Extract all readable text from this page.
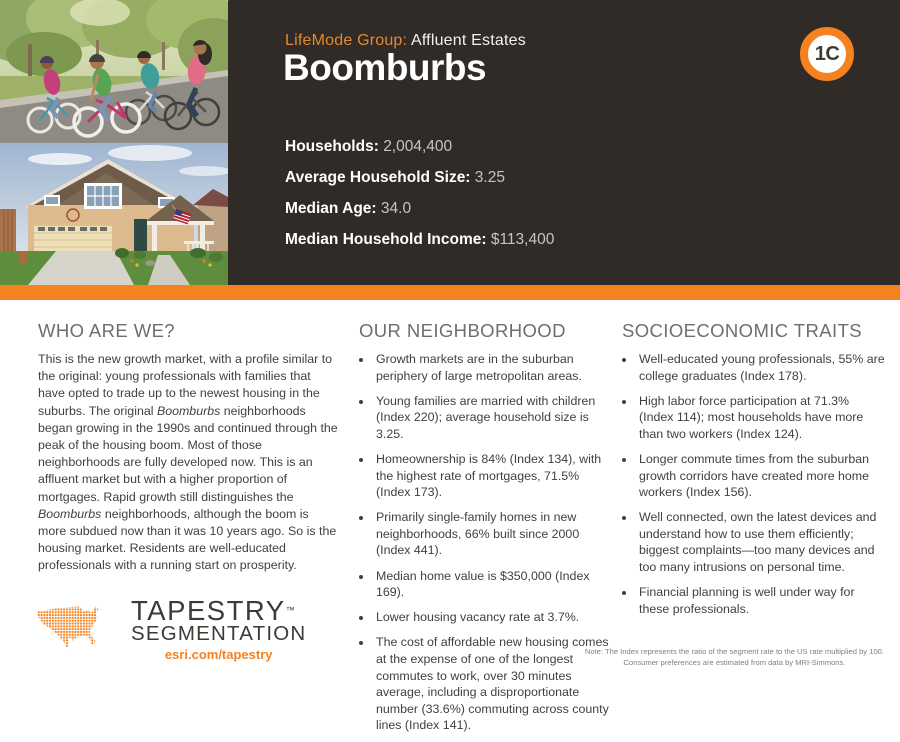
LifeMode Group: Affluent Estates
Boomburbs
Households: 2,004,400
Average Household Size: 3.25
Median Age: 34.0
Median Household Income: $113,400
1C
WHO ARE WE?

This is the new growth market, with a profile similar to the original: young professionals with families that have opted to trade up to the newest housing in the suburbs. The original Boomburbs neighborhoods began growing in the 1990s and continued through the peak of the housing boom. Most of those neighborhoods are fully developed now. This is an affluent market but with a higher proportion of mortgages. Rapid growth still distinguishes the Boomburbs neighborhoods, although the boom is more subdued now than it was 10 years ago. So is the housing market. Residents are well-educated professionals with a running start on prosperity.

OUR NEIGHBORHOOD
• Growth markets are in the suburban periphery of large metropolitan areas.
• Young families are married with children (Index 220); average household size is 3.25.
• Homeownership is 84% (Index 134), with the highest rate of mortgages, 71.5% (Index 173).
• Primarily single-family homes in new neighborhoods, 66% built since 2000 (Index 441).
• Median home value is $350,000 (Index 169).
• Lower housing vacancy rate at 3.7%.
• The cost of affordable new housing comes at the expense of one of the longest commutes to work, over 30 minutes average, including a disproportionate number (33.6%) commuting across county lines (Index 141).
SOCIOECONOMIC TRAITS
• Well-educated young professionals, 55% are college graduates (Index 178).
• High labor force participation at 71.3% (Index 114); most households have more than two workers (Index 124).
• Longer commute times from the suburban growth corridors have created more home workers (Index 156).
• Well connected, own the latest devices and understand how to use them efficiently; biggest complaints—too many devices and too many intrusions on personal time.
• Financial planning is well under way for these professionals.
TAPESTRY™
SEGMENTATION
esri.com/tapestry	Note: The Index represents the ratio of the segment rate to the US rate multiplied by 100.
Consumer preferences are estimated from data by MRI-Simmons.
